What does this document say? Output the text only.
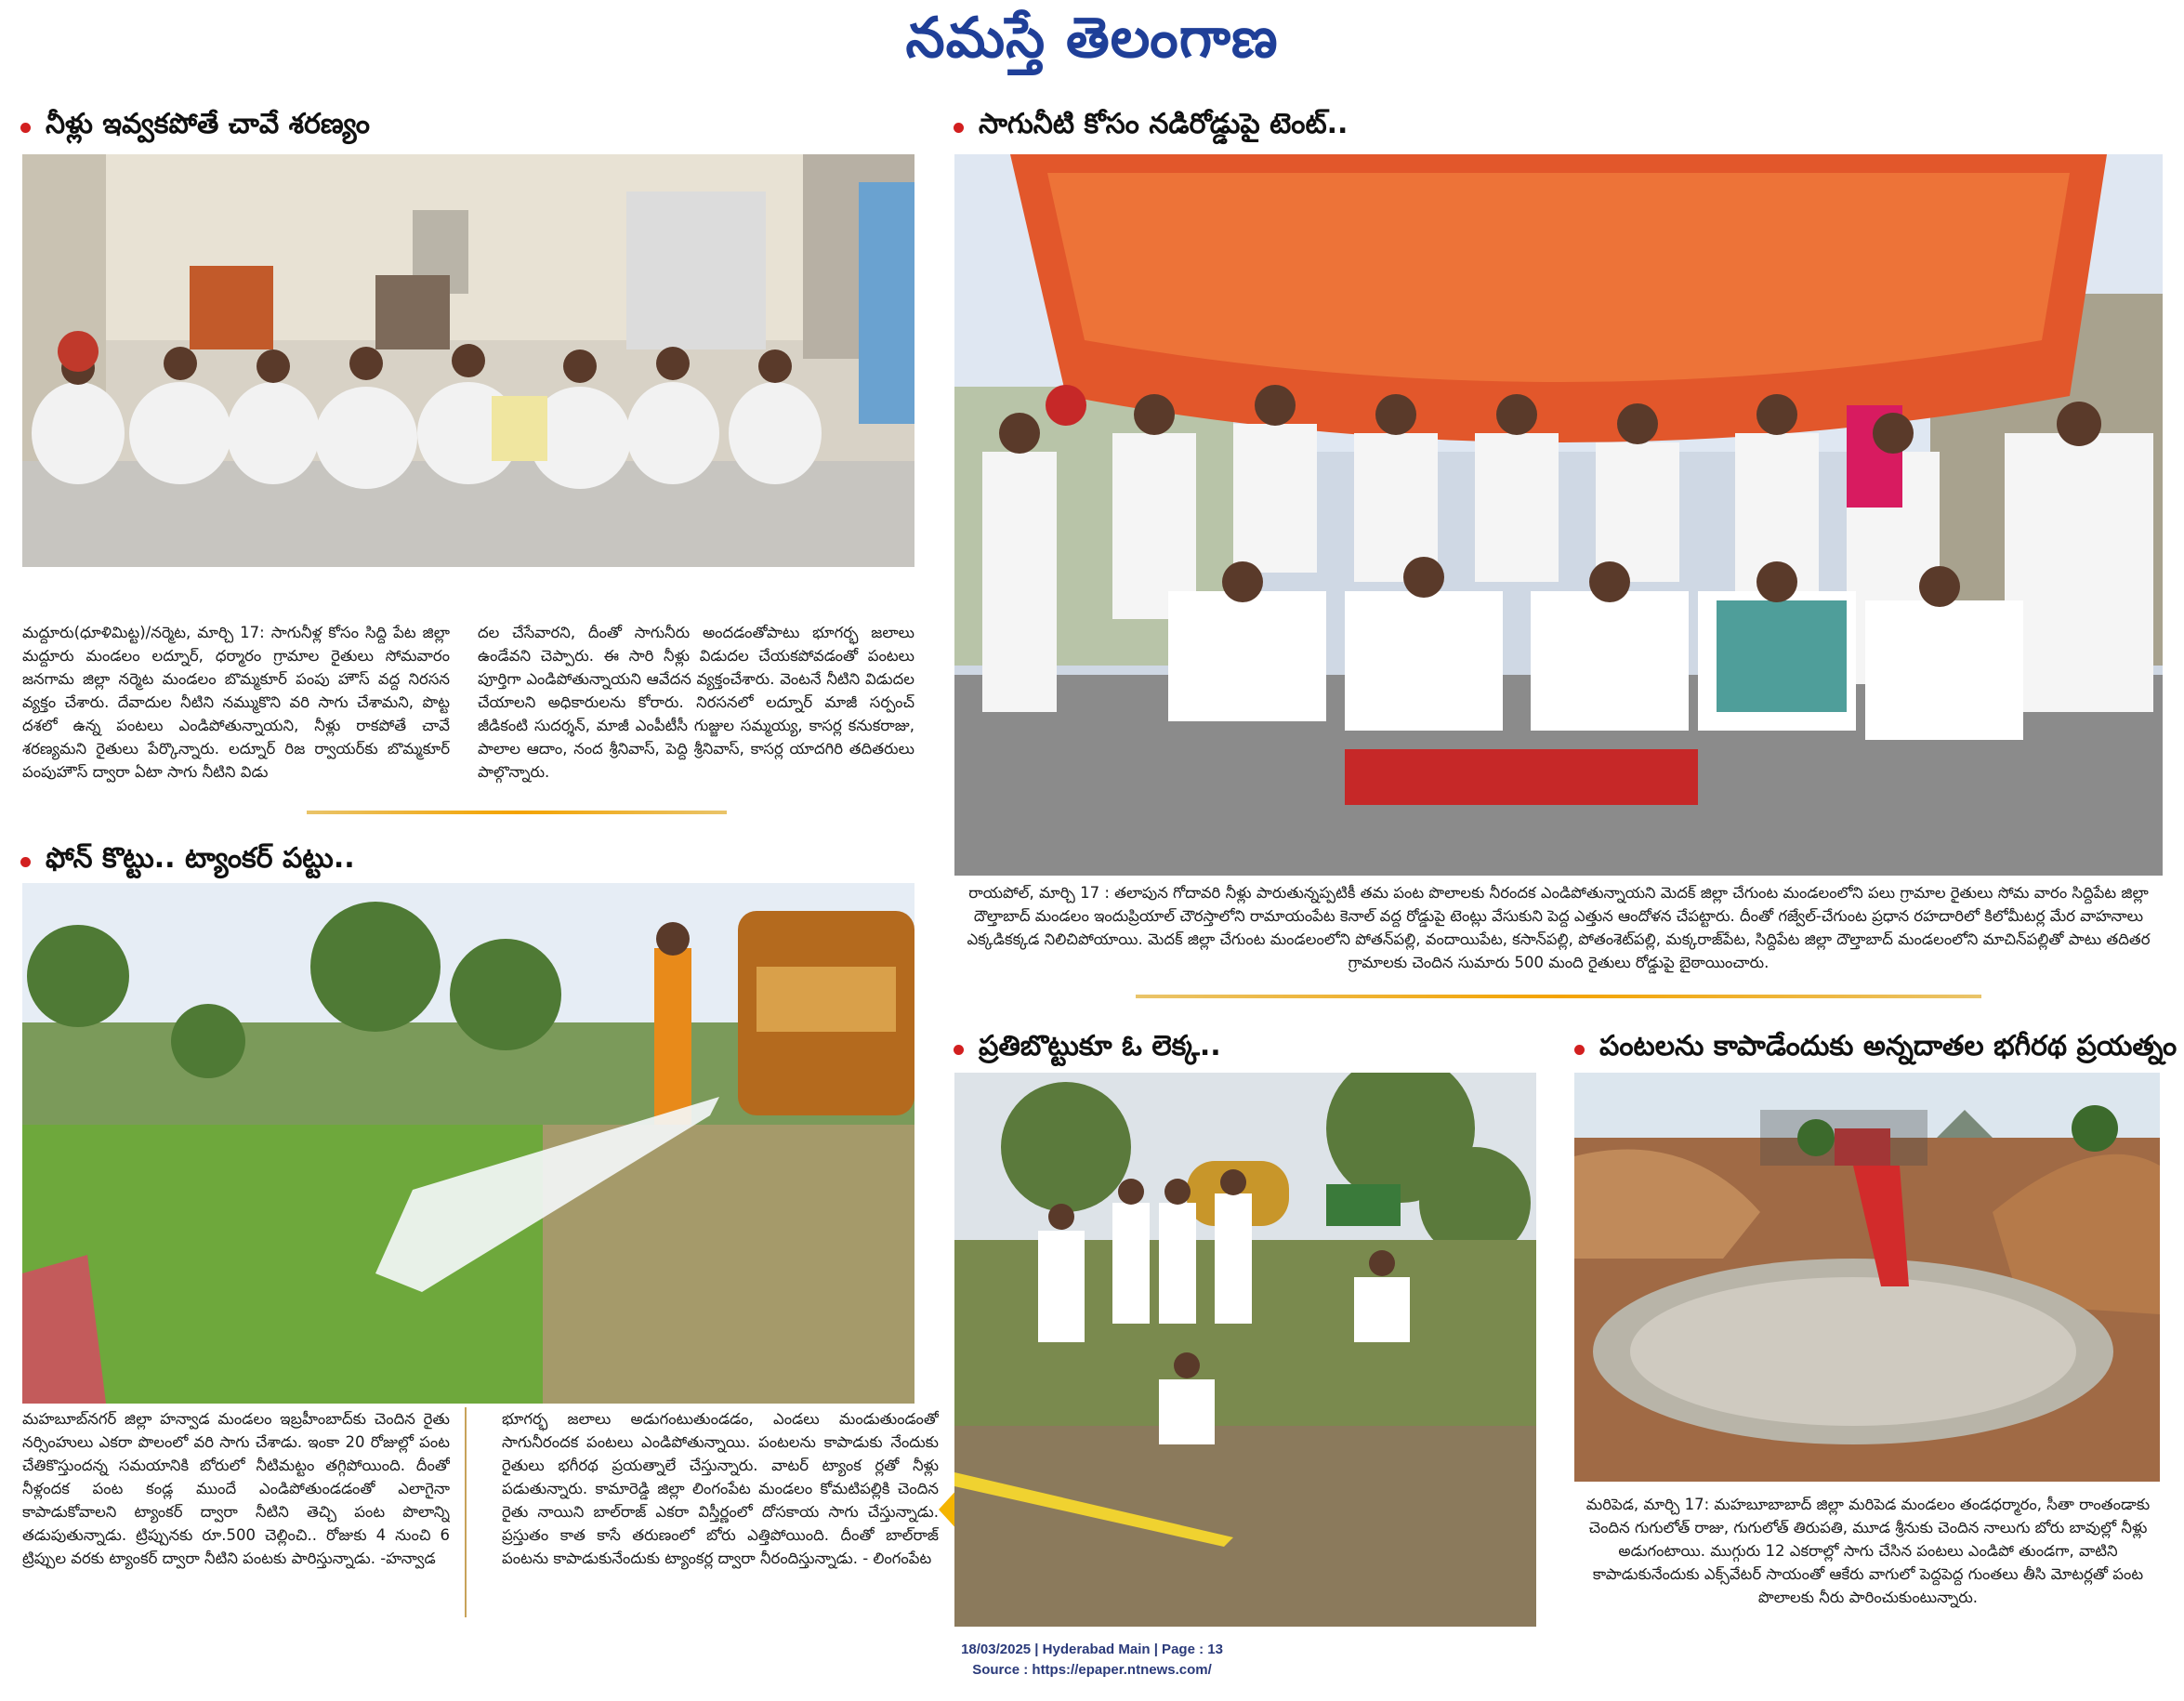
నమస్తే తెలంగాణ
నీళ్లు ఇవ్వకపోతే చావే శరణ్యం
మద్దూరు(ధూళిమిట్ట)/నర్మెట, మార్చి 17: సాగునీళ్ల కోసం సిద్ది పేట జిల్లా మద్దూరు మండలం లద్నూర్‌, ధర్మారం గ్రామాల రైతులు సోమవారం జనగామ జిల్లా నర్మెట మండలం బొమ్మకూర్‌ పంపు హౌస్‌ వద్ద నిరసన వ్యక్తం చేశారు. దేవాదుల నీటిని నమ్ముకొని వరి సాగు చేశామని, పొట్ట దశలో ఉన్న పంటలు ఎండిపోతున్నాయని, నీళ్లు రాకపోతే చావే శరణ్యమని రైతులు పేర్కొన్నారు. లద్నూర్‌ రిజ ర్వాయర్‌కు బొమ్మకూర్‌ పంపుహౌస్‌ ద్వారా ఏటా సాగు నీటిని విడు
దల చేసేవారని, దీంతో సాగునీరు అందడంతోపాటు భూగర్భ జలాలు ఉండేవని చెప్పారు. ఈ సారి నీళ్లు విడుదల చేయకపోవడంతో పంటలు పూర్తిగా ఎండిపోతున్నాయని ఆవేదన వ్యక్తంచేశారు. వెంటనే నీటిని విడుదల చేయాలని అధికారులను కోరారు. నిరసనలో లద్నూర్‌ మాజీ సర్పంచ్‌ జీడికంటి సుదర్శన్‌, మాజీ ఎంపీటీసీ గుజ్జుల సమ్మయ్య, కాసర్ల కనుకరాజు, పాలాల ఆదాం, నంద శ్రీనివాస్‌, పెద్ది శ్రీనివాస్‌, కాసర్ల యాదగిరి తదితరులు పాల్గొన్నారు.
సాగునీటి కోసం నడిరోడ్డుపై టెంట్‌..
రాయపోల్‌, మార్చి 17 : తలాపున గోదావరి నీళ్లు పారుతున్నప్పటికీ తమ పంట పొలాలకు నీరందక ఎండిపోతున్నాయని మెదక్‌ జిల్లా చేగుంట మండలంలోని పలు గ్రామాల రైతులు సోమ వారం సిద్దిపేట జిల్లా దౌల్తాబాద్‌ మండలం ఇందుప్రియాల్‌ చౌరస్తాలోని రామాయంపేట కెనాల్‌ వద్ద రోడ్డుపై టెంట్లు వేసుకుని పెద్ద ఎత్తున ఆందోళన చేపట్టారు. దీంతో గజ్వేల్‌-చేగుంట ప్రధాన రహదారిలో కిలోమీటర్ల మేర వాహనాలు ఎక్కడికక్కడ నిలిచిపోయాయి. మెదక్‌ జిల్లా చేగుంట మండలంలోని పోతన్‌పల్లి, వందాయిపేట, కసాన్‌పల్లి, పోతంశెట్‌పల్లి, మక్కరాజ్‌పేట, సిద్దిపేట జిల్లా దౌల్తాబాద్‌ మండలంలోని మాచిన్‌పల్లితో పాటు తదితర గ్రామాలకు చెందిన సుమారు 500 మంది రైతులు రోడ్డుపై బైఠాయించారు.
ఫోన్‌ కొట్టు.. ట్యాంకర్‌ పట్టు..
మహబూబ్‌నగర్‌ జిల్లా హన్వాడ మండలం ఇబ్రహీంబాద్‌కు చెందిన రైతు నర్సింహులు ఎకరా పొలంలో వరి సాగు చేశాడు. ఇంకా 20 రోజుల్లో పంట చేతికొస్తుందన్న సమయానికి బోరులో నీటిమట్టం తగ్గిపోయింది. దీంతో నీళ్లందక పంట కండ్ల ముందే ఎండిపోతుండడంతో ఎలాగైనా కాపాడుకోవాలని ట్యాంకర్‌ ద్వారా నీటిని తెచ్చి పంట పొలాన్ని తడుపుతున్నాడు. ట్రిప్పునకు రూ.500 చెల్లించి.. రోజుకు 4 నుంచి 6 ట్రిప్పుల వరకు ట్యాంకర్‌ ద్వారా నీటిని పంటకు పారిస్తున్నాడు. -హన్వాడ
భూగర్భ జలాలు అడుగంటుతుండడం, ఎండలు మండుతుండంతో సాగునీరందక పంటలు ఎండిపోతున్నాయి. పంటలను కాపాడుకు నేందుకు రైతులు భగీరథ ప్రయత్నాలే చేస్తున్నారు. వాటర్‌ ట్యాంక ర్లతో నీళ్లు పడుతున్నారు. కామారెడ్డి జిల్లా లింగంపేట మండలం కోమటిపల్లికి చెందిన రైతు నాయిని బాల్‌రాజ్‌ ఎకరా విస్తీర్ణంలో దోసకాయ సాగు చేస్తున్నాడు. ప్రస్తుతం కాత కాసే తరుణంలో బోరు ఎత్తిపోయింది. దీంతో బాల్‌రాజ్‌ పంటను కాపాడుకునేందుకు ట్యాంకర్ల ద్వారా నీరందిస్తున్నాడు. - లింగంపేట
ప్రతిబొట్టుకూ ఓ లెక్క..	పంటలను కాపాడేందుకు అన్నదాతల భగీరథ ప్రయత్నం
మరిపెడ, మార్చి 17: మహబూబాబాద్‌ జిల్లా మరిపెడ మండలం తండధర్మారం, సీతా రాంతండాకు చెందిన గుగులోత్‌ రాజు, గుగులోత్‌ తిరుపతి, మూడ శ్రీనుకు చెందిన నాలుగు బోరు బావుల్లో నీళ్లు అడుగంటాయి. ముగ్గురు 12 ఎకరాల్లో సాగు చేసిన పంటలు ఎండిపో తుండగా, వాటిని కాపాడుకునేందుకు ఎక్స్‌వేటర్‌ సాయంతో ఆకేరు వాగులో పెద్దపెద్ద గుంతలు తీసి మోటర్లతో పంట పొలాలకు నీరు పారించుకుంటున్నారు.
18/03/2025 | Hyderabad Main | Page : 13
Source : https://epaper.ntnews.com/
